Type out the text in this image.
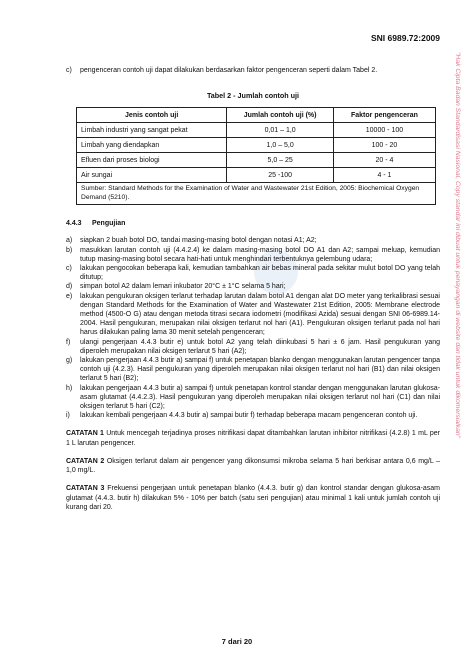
SNI 6989.72:2009
"Hak Cipta Badan Standardisasi Nasional, Copy standar ini dibuat untuk penayangan di website dan tidak untuk dikomersialkan"
c)	pengenceran contoh uji dapat dilakukan berdasarkan faktor pengenceran seperti dalam Tabel 2.
Tabel 2 - Jumlah contoh uji
Jenis contoh uji	Jumlah contoh uji (%)	Faktor pengenceran
Limbah industri yang sangat pekat	0,01 – 1,0	10000 - 100
Limbah yang diendapkan	1,0 – 5,0	100 - 20
Efluen dari proses biologi	5,0 – 25	20 - 4
Air sungai	25 -100	4 - 1
Sumber: Standard Methods for the Examination of Water and Wastewater 21st Edition, 2005: Biochemical Oxygen Demand (5210).		
4.4.3	Pengujian
a)	siapkan 2 buah botol DO, tandai masing-masing botol dengan notasi A1; A2;
b)	masukkan larutan contoh uji (4.4.2.4) ke dalam masing-masing botol DO A1 dan A2; sampai meluap, kemudian tutup masing-masing botol secara hati-hati untuk menghindari terbentuknya gelembung udara;
c)	lakukan pengocokan beberapa kali, kemudian tambahkan air bebas mineral pada sekitar mulut botol DO yang telah ditutup;
d)	simpan botol A2 dalam lemari inkubator 20°C ± 1°C selama 5 hari;
e)	lakukan pengukuran oksigen terlarut terhadap larutan dalam botol A1 dengan alat DO meter yang terkalibrasi sesuai dengan Standard Methods for the Examination of Water and Wastewater 21st Edition, 2005: Membrane electrode method (4500-O G) atau dengan metoda titrasi secara iodometri (modifikasi Azida) sesuai dengan SNI 06-6989.14-2004. Hasil pengukuran, merupakan nilai oksigen terlarut nol hari (A1). Pengukuran oksigen terlarut pada nol hari harus dilakukan paling lama 30 menit setelah pengenceran;
f)	ulangi pengerjaan 4.4.3 butir e) untuk botol A2 yang telah diinkubasi 5 hari ± 6 jam. Hasil pengukuran yang diperoleh merupakan nilai oksigen terlarut 5 hari (A2);
g)	lakukan pengerjaan 4.4.3 butir a) sampai f) untuk penetapan blanko dengan menggunakan larutan pengencer tanpa contoh uji (4.2.3). Hasil pengukuran yang diperoleh merupakan nilai oksigen terlarut nol hari (B1) dan nilai oksigen terlarut 5 hari (B2);
h)	lakukan pengerjaan 4.4.3 butir a) sampai f) untuk penetapan kontrol standar dengan menggunakan larutan glukosa-asam glutamat (4.4.2.3). Hasil pengukuran yang diperoleh merupakan nilai oksigen terlarut nol hari (C1) dan nilai oksigen terlarut 5 hari (C2);
i)	lakukan kembali pengerjaan 4.4.3 butir a) sampai butir f) terhadap beberapa macam pengenceran contoh uji.
CATATAN 1 Untuk mencegah terjadinya proses nitrifikasi dapat ditambahkan larutan inhibitor nitrifikasi (4.2.8) 1 mL per 1 L larutan pengencer.
CATATAN 2 Oksigen terlarut dalam air pengencer yang dikonsumsi mikroba selama 5 hari berkisar antara 0,6 mg/L – 1,0 mg/L.
CATATAN 3 Frekuensi pengerjaan untuk penetapan blanko (4.4.3. butir g) dan kontrol standar dengan glukosa-asam glutamat (4.4.3. butir h) dilakukan 5% - 10% per batch (satu seri pengujian) atau minimal 1 kali untuk jumlah contoh uji kurang dari 20.
7 dari 20
